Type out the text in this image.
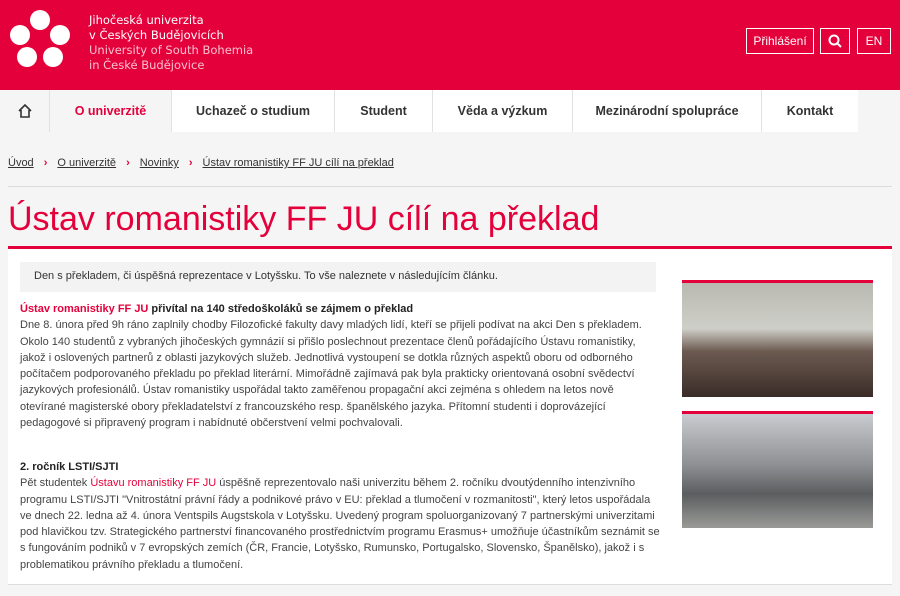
Jihočeská univerzita
v Českých Budějovicích
University of South Bohemia
in České Budějovice
Přihlášení	EN
O univerzitě	Uchazeč o studium	Student	Věda a výzkum	Mezinárodní spolupráce	Kontakt
Úvod › O univerzitě › Novinky › Ústav romanistiky FF JU cílí na překlad
Ústav romanistiky FF JU cílí na překlad
Den s překladem, či úspěšná reprezentace v Lotyšsku. To vše naleznete v následujícím článku.
Ústav romanistiky FF JU přivítal na 140 středoškoláků se zájmem o překlad
Dne 8. února před 9h ráno zaplnily chodby Filozofické fakulty davy mladých lidí, kteří se přijeli podívat na akci Den s překladem. Okolo 140 studentů z vybraných jihočeských gymnázií si přišlo poslechnout prezentace členů pořádajícího Ústavu romanistiky, jakož i oslovených partnerů z oblasti jazykových služeb. Jednotlivá vystoupení se dotkla různých aspektů oboru od odborného počítačem podporovaného překladu po překlad literární. Mimořádně zajímavá pak byla prakticky orientovaná osobní svědectví jazykových profesionálů. Ústav romanistiky uspořádal takto zaměřenou propagační akci zejména s ohledem na letos nově otevírané magisterské obory překladatelství z francouzského resp. španělského jazyka. Přítomní studenti i doprovázející pedagogové si připravený program i nabídnuté občerstvení velmi pochvalovali.
2. ročník LSTI/SJTI
Pět studentek Ústavu romanistiky FF JU úspěšně reprezentovalo naši univerzitu během 2. ročníku dvoutýdenního intenzivního programu LSTI/SJTI "Vnitrostátní právní řády a podnikové právo v EU: překlad a tlumočení v rozmanitosti", který letos uspořádala ve dnech 22. ledna až 4. února Ventspils Augstskola v Lotyšsku. Uvedený program spoluorganizovaný 7 partnerskými univerzitami pod hlavičkou tzv. Strategického partnerství financovaného prostřednictvím programu Erasmus+ umožňuje účastníkům seznámit se s fungováním podniků v 7 evropských zemích (ČR, Francie, Lotyšsko, Rumunsko, Portugalsko, Slovensko, Španělsko), jakož i s problematikou právního překladu a tlumočení.
